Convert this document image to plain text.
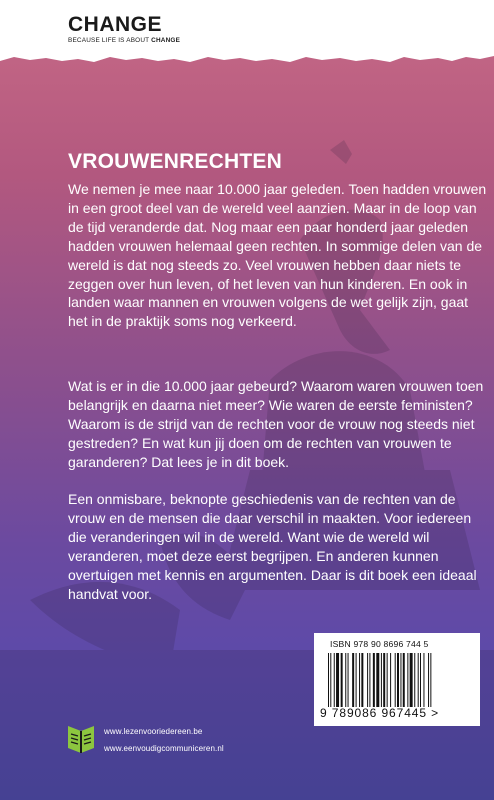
CHANGE
BECAUSE LIFE IS ABOUT CHANGE
VROUWENRECHTEN

We nemen je mee naar 10.000 jaar geleden. Toen hadden vrouwen in een groot deel van de wereld veel aanzien. Maar in de loop van de tijd veranderde dat. Nog maar een paar honderd jaar geleden hadden vrouwen helemaal geen rechten. In sommige delen van de wereld is dat nog steeds zo. Veel vrouwen hebben daar niets te zeggen over hun leven, of het leven van hun kinderen. En ook in landen waar mannen en vrouwen volgens de wet gelijk zijn, gaat het in de praktijk soms nog verkeerd.

Wat is er in die 10.000 jaar gebeurd? Waarom waren vrouwen toen belangrijk en daarna niet meer? Wie waren de eerste feministen? Waarom is de strijd van de rechten voor de vrouw nog steeds niet gestreden? En wat kun jij doen om de rechten van vrouwen te garanderen? Dat lees je in dit boek.

Een onmisbare, beknopte geschiedenis van de rechten van de vrouw en de mensen die daar verschil in maakten. Voor iedereen die veranderingen wil in de wereld. Want wie de wereld wil veranderen, moet deze eerst begrijpen. En anderen kunnen overtuigen met kennis en argumenten. Daar is dit boek een ideaal handvat voor.

ISBN 978 90 8696 744 5
9 789086 967445 >
www.lezenvooriedereen.be
www.eenvoudigcommuniceren.nl
